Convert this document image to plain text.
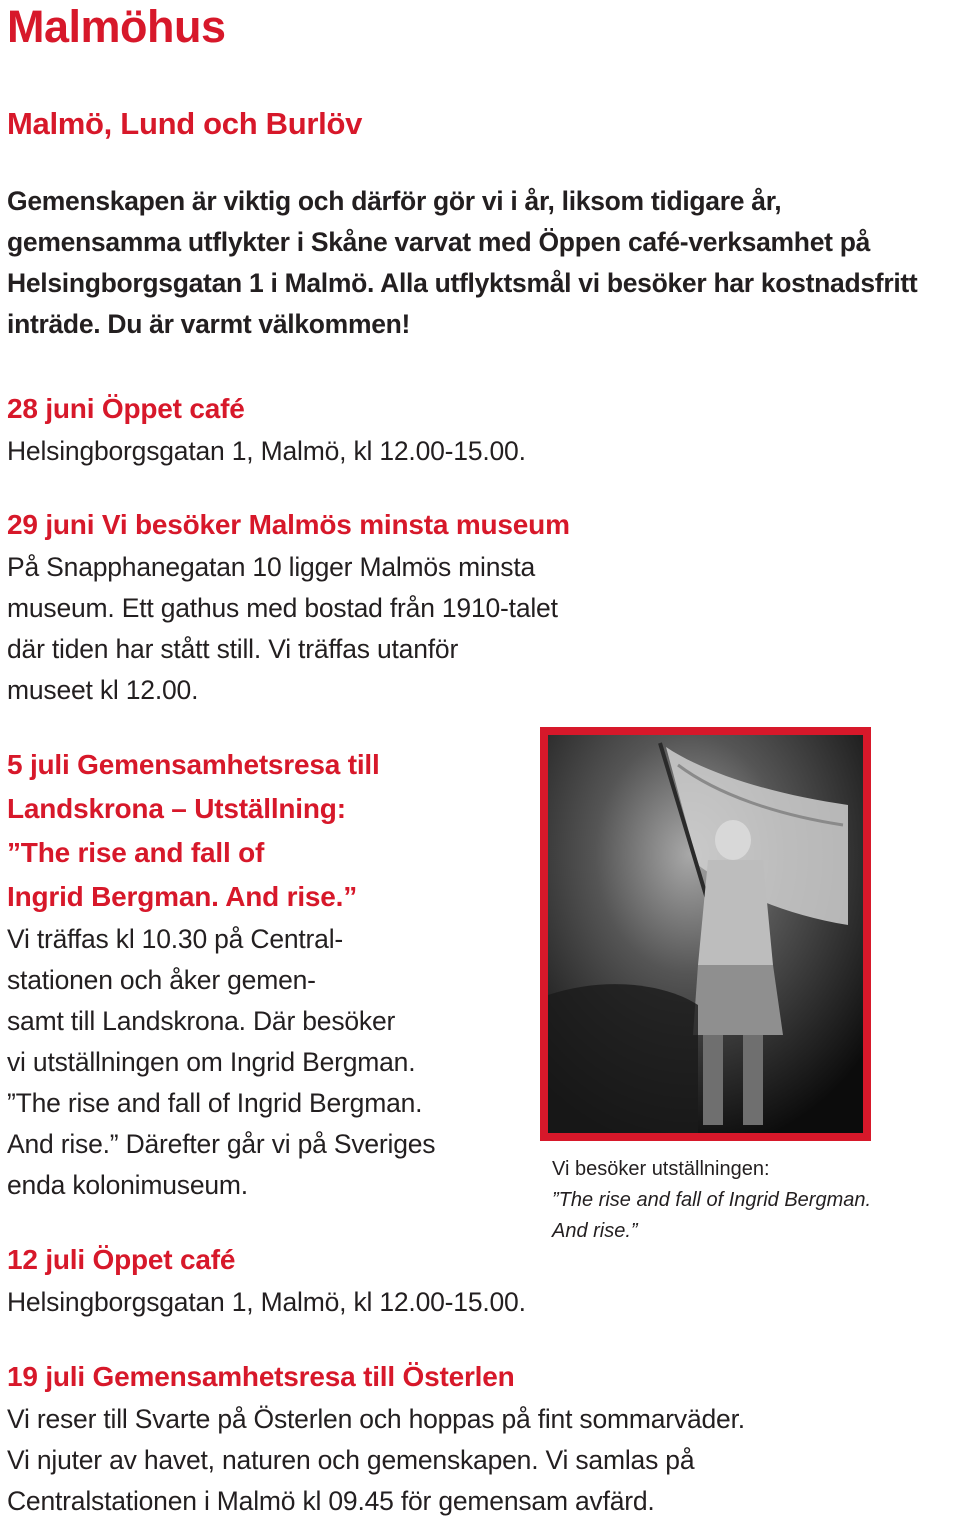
Malmöhus
Malmö, Lund och Burlöv

Gemenskapen är viktig och därför gör vi i år, liksom tidigare år, gemensamma utflykter i Skåne varvat med Öppen café-verksamhet på Helsingborgsgatan 1 i Malmö. Alla utflyktsmål vi besöker har kostnadsfritt inträde. Du är varmt välkommen!

28 juni Öppet café
Helsingborgsgatan 1, Malmö, kl 12.00-15.00.
29 juni Vi besöker Malmös minsta museum
På Snapphanegatan 10 ligger Malmös minsta
museum. Ett gathus med bostad från 1910-talet
där tiden har stått still. Vi träffas utanför
museet kl 12.00.
5 juli Gemensamhetsresa till
Landskrona – Utställning:
”The rise and fall of
Ingrid Bergman. And rise.”
Vi träffas kl 10.30 på Central-
stationen och åker gemen-
samt till Landskrona. Där besöker
vi utställningen om Ingrid Bergman.
”The rise and fall of Ingrid Bergman.
And rise.” Därefter går vi på Sveriges
enda kolonimuseum.
Vi besöker utställningen:
”The rise and fall of Ingrid Bergman.
And rise.”
12 juli Öppet café
Helsingborgsgatan 1, Malmö, kl 12.00-15.00.
19 juli Gemensamhetsresa till Österlen
Vi reser till Svarte på Österlen och hoppas på fint sommarväder.
Vi njuter av havet, naturen och gemenskapen. Vi samlas på
Centralstationen i Malmö kl 09.45 för gemensam avfärd.
